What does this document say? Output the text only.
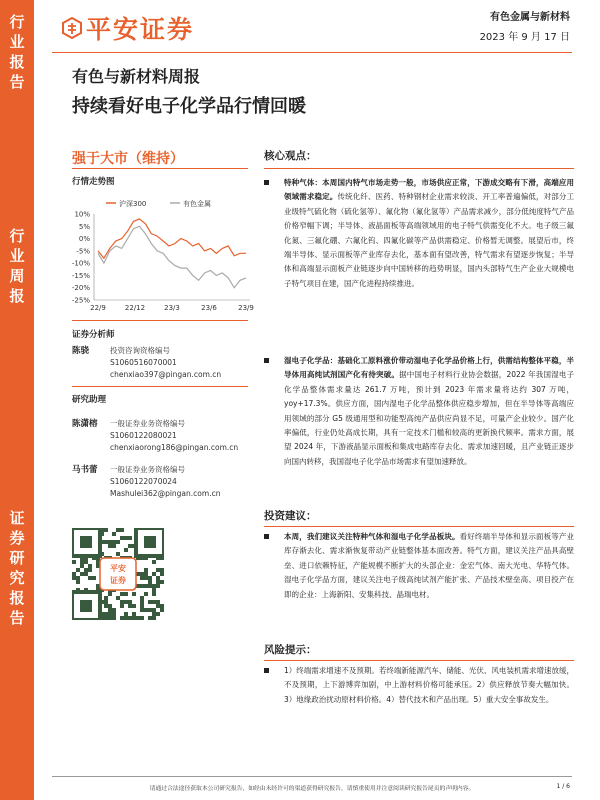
行
业
报
告
行
业
周
报
证
券
研
究
报
告
平安证券	有色金属与新材料
2023 年 9 月 17 日
有色与新材料周报
持续看好电子化学品行情回暖
强于大市（维持）
行情走势图
沪深300	有色金属
10%
5%
0%
-5%
-10%
-15%
-20%
-25%
22/9	22/12	23/3	23/6	23/9
证券分析师
陈骁	投资咨询资格编号
S1060516070001
chenxiao397@pingan.com.cn
研究助理
陈潇榕 一般证券业务资格编号
S1060122080021
chenxiaorong186@pingan.com.cn
马书蕾 一般证券业务资格编号
S1060122070024
Mashulei362@pingan.com.cn
平安
证券
核心观点：
特种气体：本周国内特气市场走势一般，市场供应正常，下游成交略有下滑，高端应用领域需求稳定。传统化纤、医药、特种钢材企业需求较淡、开工率普遍偏低，对部分工业级特气硫化物（硫化氢等）、氟化物（氟化氢等）产品需求减少，部分低纯度特气产品价格窄幅下调；半导体、液晶面板等高端领域用的电子特气供需变化不大。电子级三氟化氮、三氟化硼、六氟化钨、四氟化碳等产品供需稳定、价格暂无调整。展望后市，终端半导体、显示面板等产业库存去化，基本面有望改善，特气需求有望逐步恢复；半导体和高端显示面板产业链逐步向中国转移的趋势明显，国内头部特气生产企业大规模电子特气项目在建，国产化进程持续推进。
湿电子化学品：基础化工原料涨价带动湿电子化学品价格上行，供需结构整体平稳，半导体用高纯试剂国产化有待突破。据中国电子材料行业协会数据，2022 年我国湿电子化学品整体需求量达 261.7 万吨，预计到 2023 年需求量将达约 307 万吨，yoy+17.3%。供应方面，国内湿电子化学品整体供应稳步增加，但在半导体等高端应用领域的部分 G5 级通用型和功能型高纯产品供应尚显不足，可量产企业较少。国产化率偏低，行业仍处高成长期，具有一定技术门槛和较高的更新换代频率。需求方面，展望 2024 年，下游液晶显示面板和集成电路库存去化、需求加速回暖，且产业链正逐步向国内转移，我国湿电子化学品市场需求有望加速释放。
投资建议：
本周，我们建议关注特种气体和湿电子化学品板块。看好终端半导体和显示面板等产业库存渐去化、需求渐恢复带动产业链整体基本面改善。特气方面，建议关注产品具高壁垒、进口依赖特征，产能规模不断扩大的头部企业：金宏气体、南大光电、华特气体。湿电子化学品方面，建议关注电子级高纯试剂产能扩张、产品技术壁垒高、项目投产在即的企业：上海新阳、安集科技、晶瑞电材。
风险提示：
1）终端需求增速不及预期。若终端新能源汽车、储能、光伏、风电装机需求增速放缓，不及预期，上下游博弈加剧，中上游材料价格可能承压。2）供应释放节奏大幅加快。3）地缘政治扰动原材料价格。4）替代技术和产品出现。5）重大安全事故发生。
请通过合法途径获取本公司研究报告，如经由未经许可的渠道获得研究报告，请慎重使用并注意阅读研究报告尾页的声明内容。	1 / 6
